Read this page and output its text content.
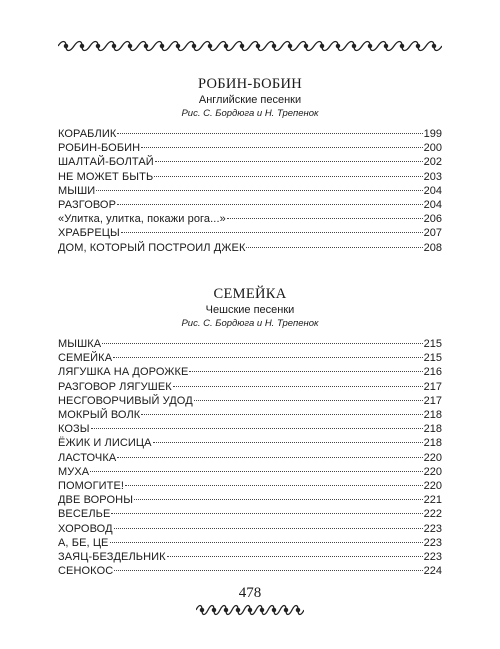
РОБИН-БОБИН
Английские песенки
Рис. С. Бордюга и Н. Трепенок
КОРАБЛИК	199
РОБИН-БОБИН	200
ШАЛТАЙ-БОЛТАЙ	202
НЕ МОЖЕТ БЫТЬ	203
МЫШИ	204
РАЗГОВОР	204
«Улитка, улитка, покажи рога...»	206
ХРАБРЕЦЫ	207
ДОМ, КОТОРЫЙ ПОСТРОИЛ ДЖЕК	208
СЕМЕЙКА
Чешские песенки
Рис. С. Бордюга и Н. Трепенок
МЫШКА	215
СЕМЕЙКА	215
ЛЯГУШКА НА ДОРОЖКЕ	216
РАЗГОВОР ЛЯГУШЕК	217
НЕСГОВОРЧИВЫЙ УДОД	217
МОКРЫЙ ВОЛК	218
КОЗЫ	218
ЁЖИК И ЛИСИЦА	218
ЛАСТОЧКА	220
МУХА	220
ПОМОГИТЕ!	220
ДВЕ ВОРОНЫ	221
ВЕСЕЛЬЕ	222
ХОРОВОД	223
А, БЕ, ЦЕ	223
ЗАЯЦ-БЕЗДЕЛЬНИК	223
СЕНОКОС	224
478
